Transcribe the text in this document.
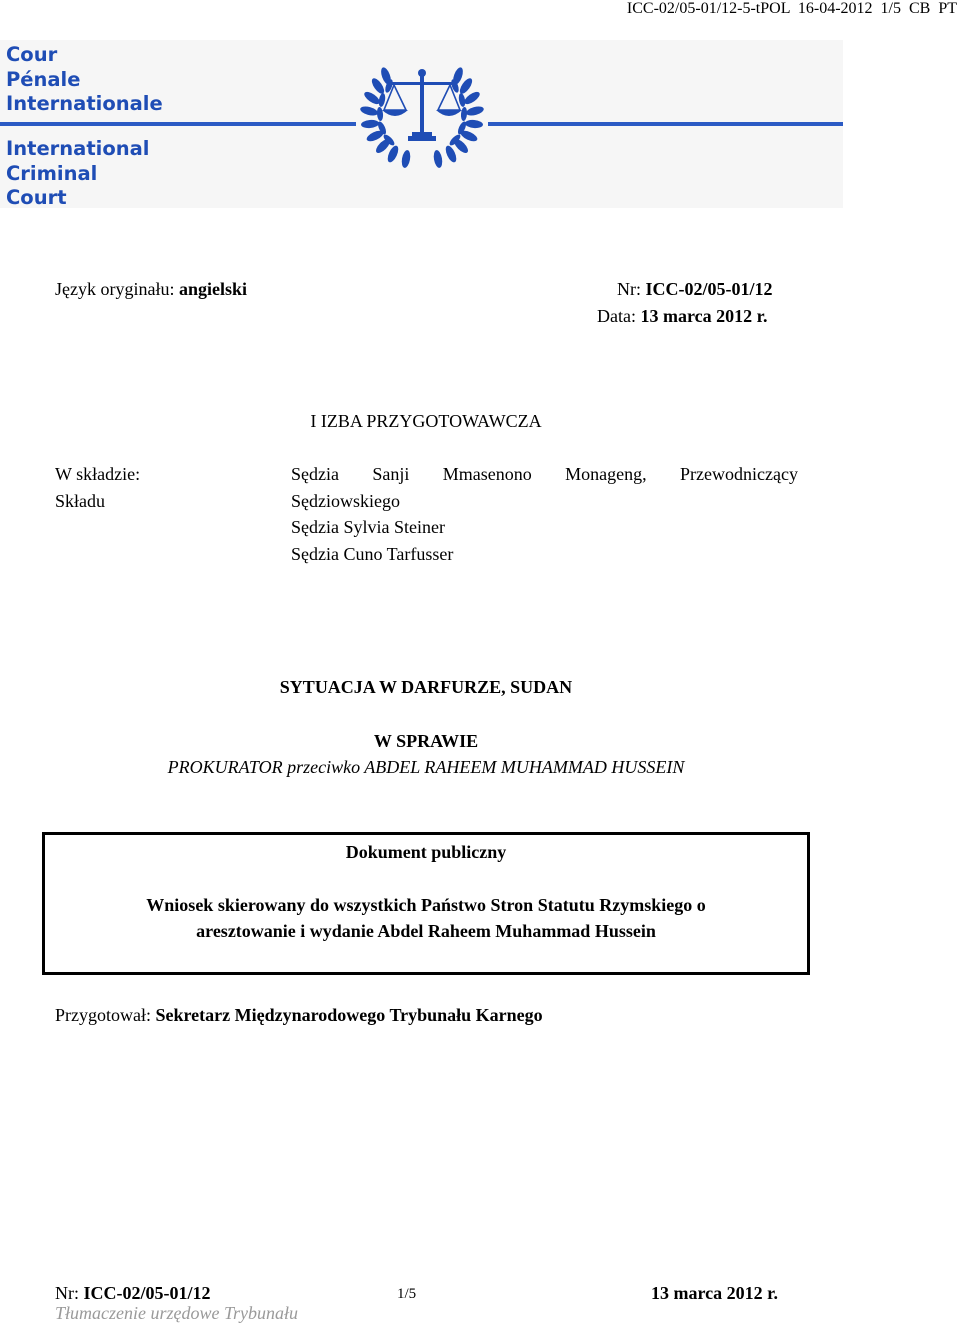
ICC-02/05-01/12-5-tPOL  16-04-2012  1/5  CB  PT
Cour
Pénale
Internationale
International
Criminal
Court
Język oryginału: angielski	Nr: ICC-02/05-01/12
Data: 13 marca 2012 r.
I IZBA PRZYGOTOWAWCZA
W składzie:
Składu
Sędzia Sanji Mmasenono Monageng, Przewodniczący
Sędziowskiego
Sędzia Sylvia Steiner
Sędzia Cuno Tarfusser
SYTUACJA W DARFURZE, SUDAN
W SPRAWIE
PROKURATOR przeciwko ABDEL RAHEEM MUHAMMAD HUSSEIN
Dokument publiczny
Wniosek skierowany do wszystkich Państwo Stron Statutu Rzymskiego o
aresztowanie i wydanie Abdel Raheem Muhammad Hussein
Przygotował: Sekretarz Międzynarodowego Trybunału Karnego
Nr: ICC-02/05-01/12	1/5	13 marca 2012 r.
Tłumaczenie urzędowe Trybunału
